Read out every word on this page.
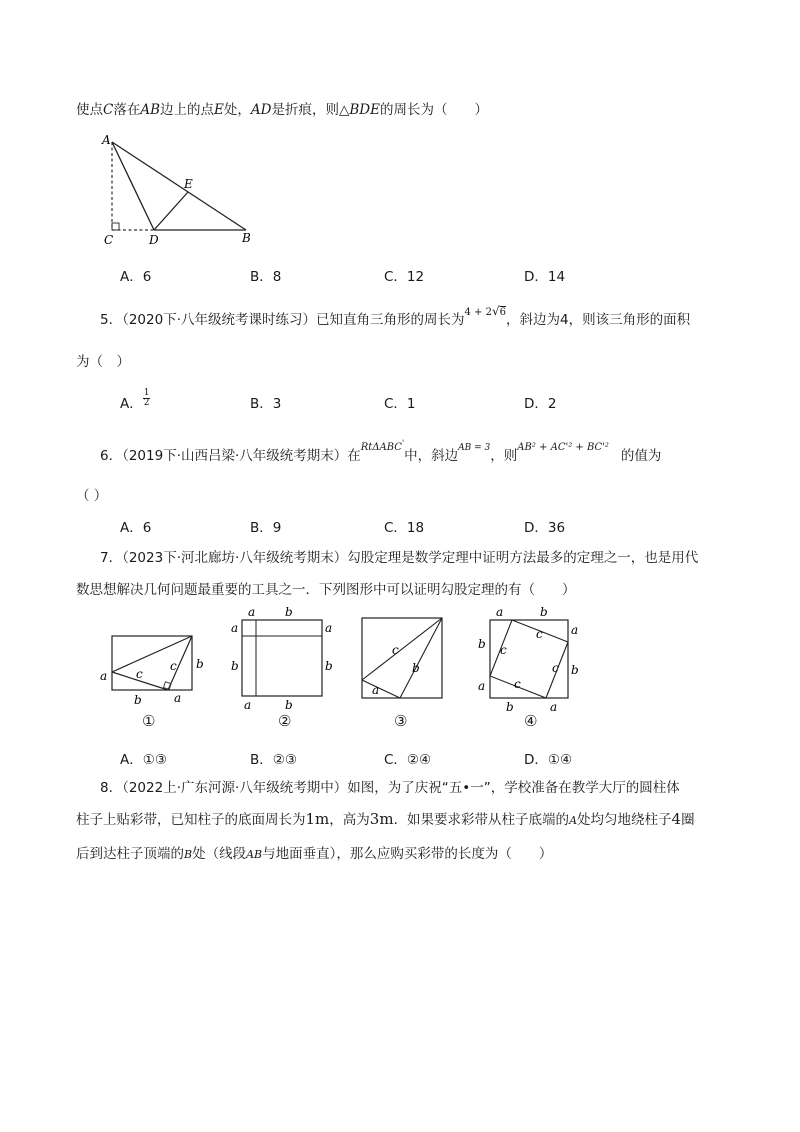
使点C落在AB边上的点E处，AD是折痕，则△BDE的周长为（　　）
A
C	D
E
B
A．6	B．8	C．12	D．14
5．（2020下·八年级统考课时练习）已知直角三角形的周长为$^{4 + 2√6}$，斜边为4，则该三角形的面积
为（　）
A． $\frac{1}{2}$	B．3	C．1	D．2
6．（2019下·山西吕梁·八年级统考期末）在$^{Rt\Delta ABC'}$中，斜边$^{AB = 3}$，则$^{AB^2 + AC'^2 + BC'^2}$的值为
（ ）
A．6	B．9	C．18	D．36
7．（2023下·河北廊坊·八年级统考期末）勾股定理是数学定理中证明方法最多的定理之一，也是用代
数思想解决几何问题最重要的工具之一．下列图形中可以证明勾股定理的有（　　）
a
b
c
c b
a
①
a b
a	a
b	b
a	b
②
c
a
b
③
a	b
b
a
a
b
b	a
c
c
c
c
④
A．①③	B．②③	C．②④	D．①④
8．（2022上·广东河源·八年级统考期中）如图，为了庆祝“五•一”，学校准备在教学大厅的圆柱体
柱子上贴彩带，已知柱子的底面周长为1m，高为3m．如果要求彩带从柱子底端的A处均匀地绕柱子4圈
后到达柱子顶端的B处（线段AB与地面垂直），那么应购买彩带的长度为（　　）
